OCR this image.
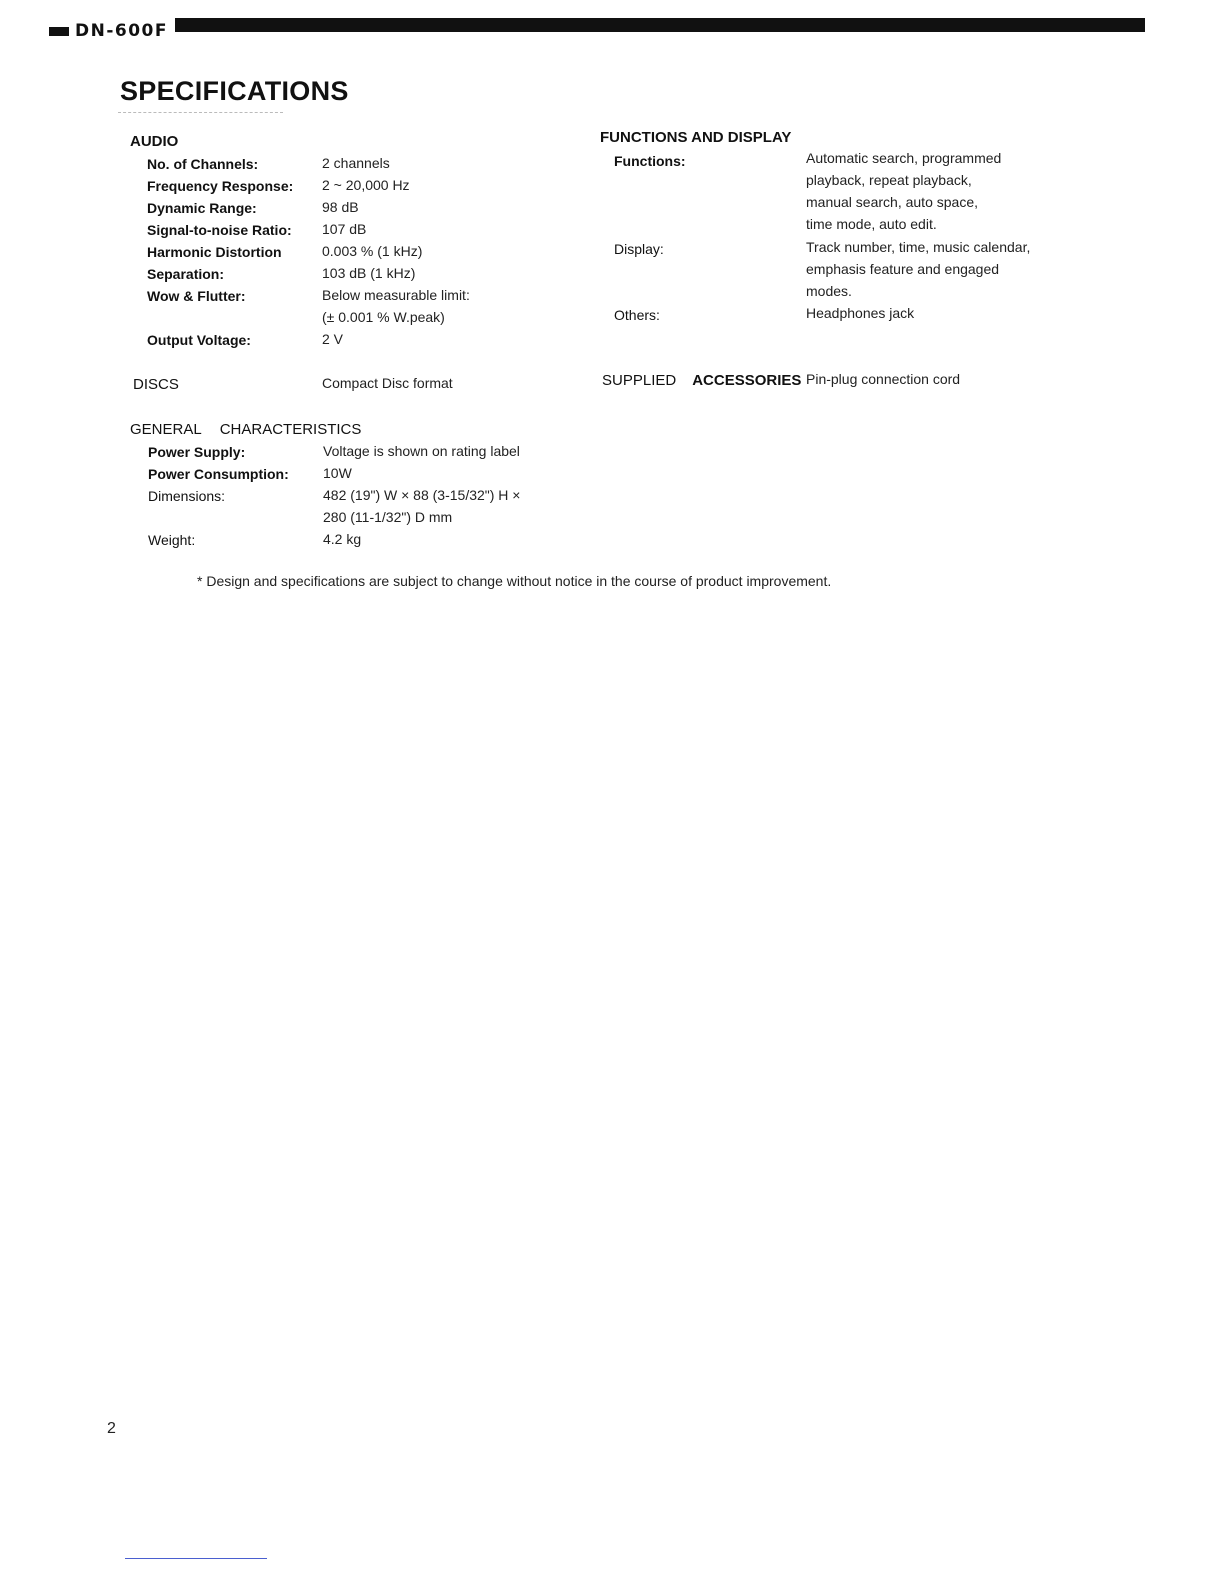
DN-600F
SPECIFICATIONS
AUDIO
No. of Channels:	2 channels
Frequency Response: 2 ~ 20,000 Hz
Dynamic Range:	98 dB
Signal-to-noise Ratio: 107 dB
Harmonic Distortion	0.003 % (1 kHz)
Separation:	103 dB (1 kHz)
Wow & Flutter:	Below measurable limit:
(± 0.001 % W.peak)
Output Voltage:	2 V
DISCS	Compact Disc format
GENERAL CHARACTERISTICS
Power Supply:	Voltage is shown on rating label
Power Consumption: 10W
Dimensions:	482 (19") W × 88 (3-15/32") H ×
280 (11-1/32") D mm
Weight:	4.2 kg
FUNCTIONS AND DISPLAY
Functions:	Automatic search, programmed
playback, repeat playback,
manual search, auto space,
time mode, auto edit.
Display:	Track number, time, music calendar,
emphasis feature and engaged
modes.
Others:	Headphones jack
SUPPLIED ACCESSORIES Pin-plug connection cord
* Design and specifications are subject to change without notice in the course of product improvement.
2
